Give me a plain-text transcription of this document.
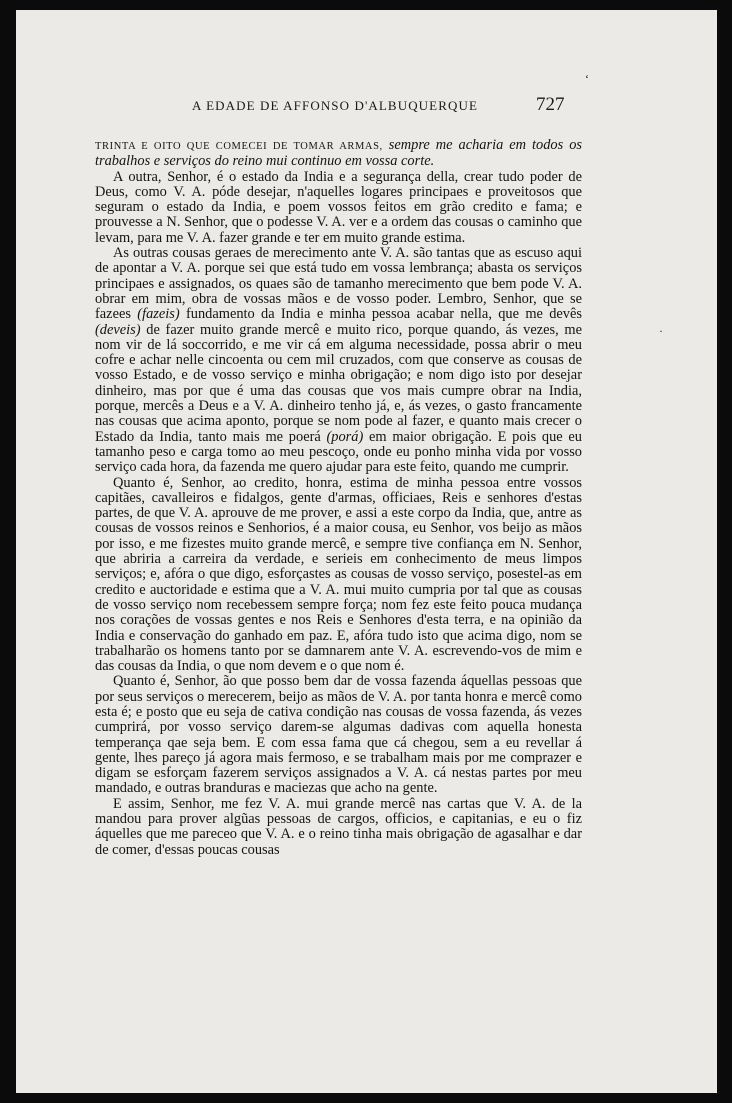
A EDADE DE AFFONSO D'ALBUQUERQUE	727
ʻ
·

TRINTA E OITO QUE COMECEI DE TOMAR ARMAS, sempre me acharia em todos os trabalhos e serviços do reino mui continuo em vossa corte.

A outra, Senhor, é o estado da India e a segurança della, crear tudo poder de Deus, como V. A. póde desejar, n'aquelles logares principaes e proveitosos que seguram o estado da India, e poem vossos feitos em grão credito e fama; e prouvesse a N. Senhor, que o podesse V. A. ver e a ordem das cousas o caminho que levam, para me V. A. fazer grande e ter em muito grande estima.

As outras cousas geraes de merecimento ante V. A. são tantas que as escuso aqui de apontar a V. A. porque sei que está tudo em vossa lembrança; abasta os serviços principaes e assignados, os quaes são de tamanho merecimento que bem pode V. A. obrar em mim, obra de vossas mãos e de vosso poder. Lembro, Senhor, que se fazees (fazeis) fundamento da India e minha pessoa acabar nella, que me devês (deveis) de fazer muito grande mercê e muito rico, porque quando, ás vezes, me nom vir de lá soccorrido, e me vir cá em alguma necessidade, possa abrir o meu cofre e achar nelle cincoenta ou cem mil cruzados, com que conserve as cousas de vosso Estado, e de vosso serviço e minha obrigação; e nom digo isto por desejar dinheiro, mas por que é uma das cousas que vos mais cumpre obrar na India, porque, mercês a Deus e a V. A. dinheiro tenho já, e, ás vezes, o gasto francamente nas cousas que acima aponto, porque se nom pode al fazer, e quanto mais crecer o Estado da India, tanto mais me poerá (porá) em maior obrigação. E pois que eu tamanho peso e carga tomo ao meu pescoço, onde eu ponho minha vida por vosso serviço cada hora, da fazenda me quero ajudar para este feito, quando me cumprir.

Quanto é, Senhor, ao credito, honra, estima de minha pessoa entre vossos capitães, cavalleiros e fidalgos, gente d'armas, officiaes, Reis e senhores d'estas partes, de que V. A. aprouve de me prover, e assi a este corpo da India, que, antre as cousas de vossos reinos e Senhorios, é a maior cousa, eu Senhor, vos beijo as mãos por isso, e me fizestes muito grande mercê, e sempre tive confiança em N. Senhor, que abriria a carreira da verdade, e serieis em conhecimento de meus limpos serviços; e, afóra o que digo, esforçastes as cousas de vosso serviço, posestel-as em credito e auctoridade e estima que a V. A. mui muito cumpria por tal que as cousas de vosso serviço nom recebessem sempre força; nom fez este feito pouca mudança nos corações de vossas gentes e nos Reis e Senhores d'esta terra, e na opinião da India e conservação do ganhado em paz. E, afóra tudo isto que acima digo, nom se trabalharão os homens tanto por se damnarem ante V. A. escrevendo-vos de mim e das cousas da India, o que nom devem e o que nom é.

Quanto é, Senhor, ão que posso bem dar de vossa fazenda áquellas pessoas que por seus serviços o merecerem, beijo as mãos de V. A. por tanta honra e mercê como esta é; e posto que eu seja de cativa condição nas cousas de vossa fazenda, ás vezes cumprirá, por vosso serviço darem-se algumas dadivas com aquella honesta temperança qae seja bem. E com essa fama que cá chegou, sem a eu revellar á gente, lhes pareço já agora mais fermoso, e se trabalham mais por me comprazer e digam se esforçam fazerem serviços assignados a V. A. cá nestas partes por meu mandado, e outras branduras e maciezas que acho na gente.

E assim, Senhor, me fez V. A. mui grande mercê nas cartas que V. A. de la mandou para prover algũas pessoas de cargos, officios, e capitanias, e eu o fiz áquelles que me pareceo que V. A. e o reino tinha mais obrigação de agasalhar e dar de comer, d'essas poucas cousas
